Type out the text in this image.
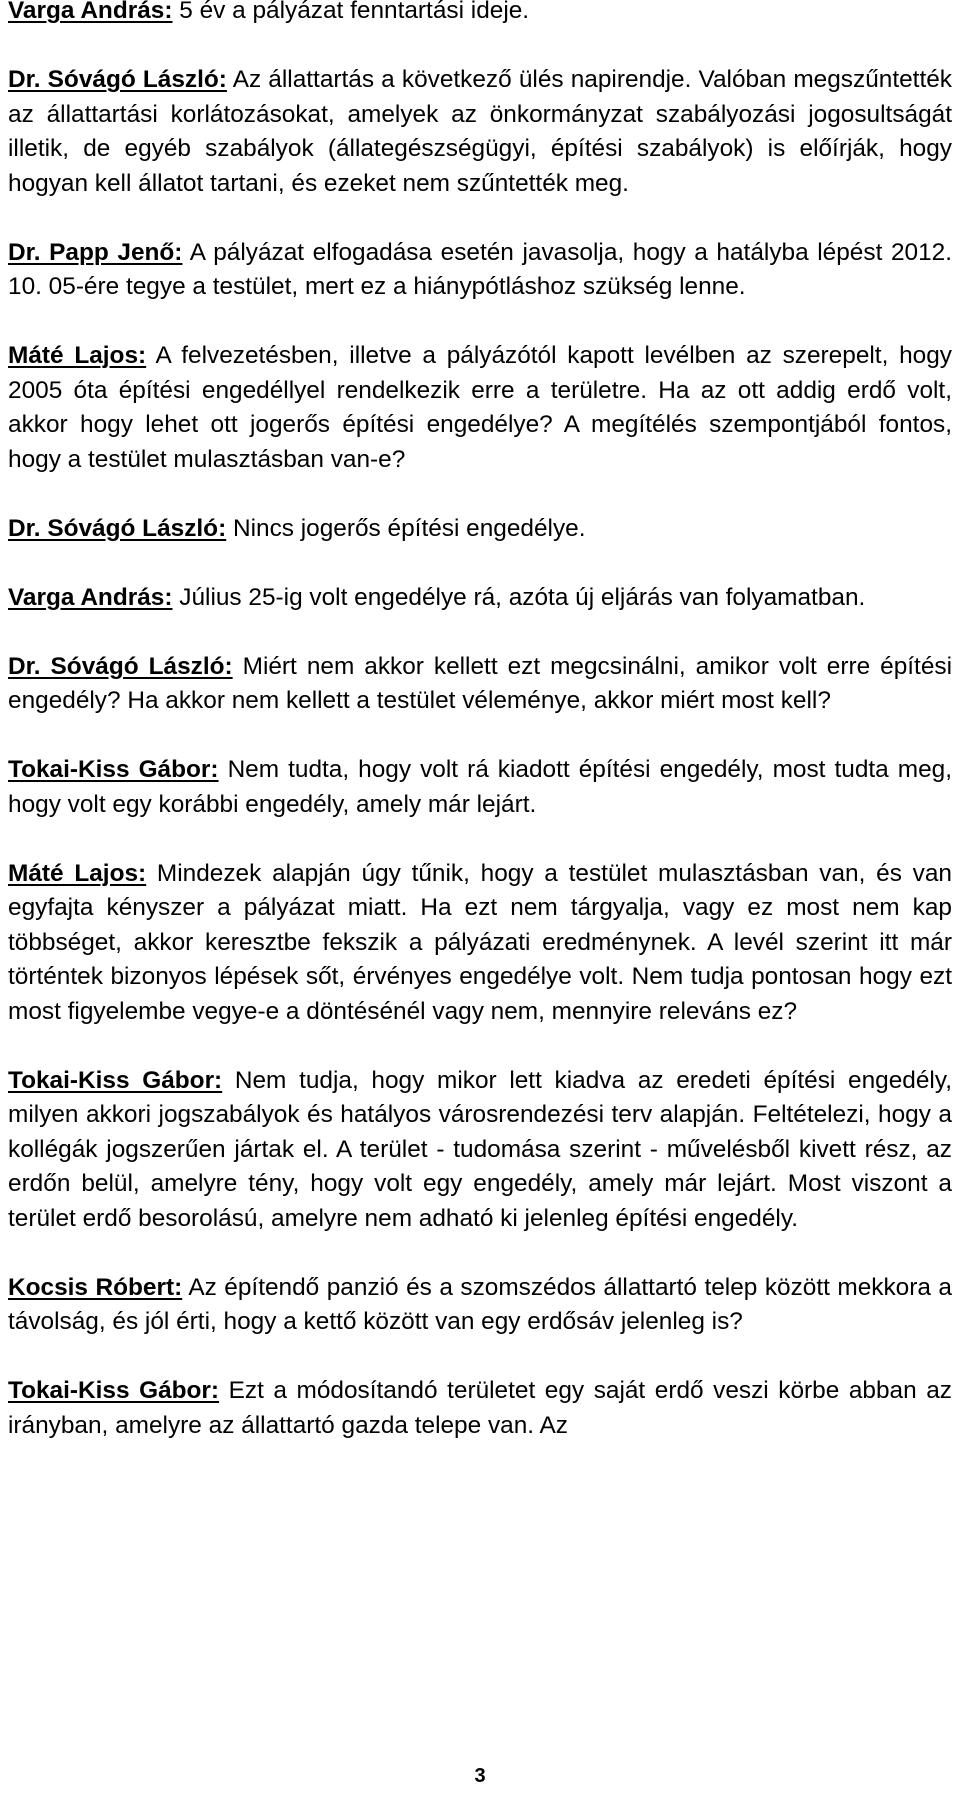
Varga András: 5 év a pályázat fenntartási ideje.

Dr. Sóvágó László: Az állattartás a következő ülés napirendje. Valóban megszűntették az állattartási korlátozásokat, amelyek az önkormányzat szabályozási jogosultságát illetik, de egyéb szabályok (állategészségügyi, építési szabályok) is előírják, hogy hogyan kell állatot tartani, és ezeket nem szűntették meg.

Dr. Papp Jenő: A pályázat elfogadása esetén javasolja, hogy a hatályba lépést 2012. 10. 05-ére tegye a testület, mert ez a hiánypótláshoz szükség lenne.

Máté Lajos: A felvezetésben, illetve a pályázótól kapott levélben az szerepelt, hogy 2005 óta építési engedéllyel rendelkezik erre a területre. Ha az ott addig erdő volt, akkor hogy lehet ott jogerős építési engedélye? A megítélés szempontjából fontos, hogy a testület mulasztásban van-e?

Dr. Sóvágó László: Nincs jogerős építési engedélye.

Varga András: Július 25-ig volt engedélye rá, azóta új eljárás van folyamatban.

Dr. Sóvágó László: Miért nem akkor kellett ezt megcsinálni, amikor volt erre építési engedély? Ha akkor nem kellett a testület véleménye, akkor miért most kell?

Tokai-Kiss Gábor: Nem tudta, hogy volt rá kiadott építési engedély, most tudta meg, hogy volt egy korábbi engedély, amely már lejárt.

Máté Lajos: Mindezek alapján úgy tűnik, hogy a testület mulasztásban van, és van egyfajta kényszer a pályázat miatt. Ha ezt nem tárgyalja, vagy ez most nem kap többséget, akkor keresztbe fekszik a pályázati eredménynek. A levél szerint itt már történtek bizonyos lépések sőt, érvényes engedélye volt. Nem tudja pontosan hogy ezt most figyelembe vegye-e a döntésénél vagy nem, mennyire releváns ez?

Tokai-Kiss Gábor: Nem tudja, hogy mikor lett kiadva az eredeti építési engedély, milyen akkori jogszabályok és hatályos városrendezési terv alapján. Feltételezi, hogy a kollégák jogszerűen jártak el. A terület - tudomása szerint - művelésből kivett rész, az erdőn belül, amelyre tény, hogy volt egy engedély, amely már lejárt. Most viszont a terület erdő besorolású, amelyre nem adható ki jelenleg építési engedély.

Kocsis Róbert: Az építendő panzió és a szomszédos állattartó telep között mekkora a távolság, és jól érti, hogy a kettő között van egy erdősáv jelenleg is?

Tokai-Kiss Gábor: Ezt a módosítandó területet egy saját erdő veszi körbe abban az irányban, amelyre az állattartó gazda telepe van. Az

3
